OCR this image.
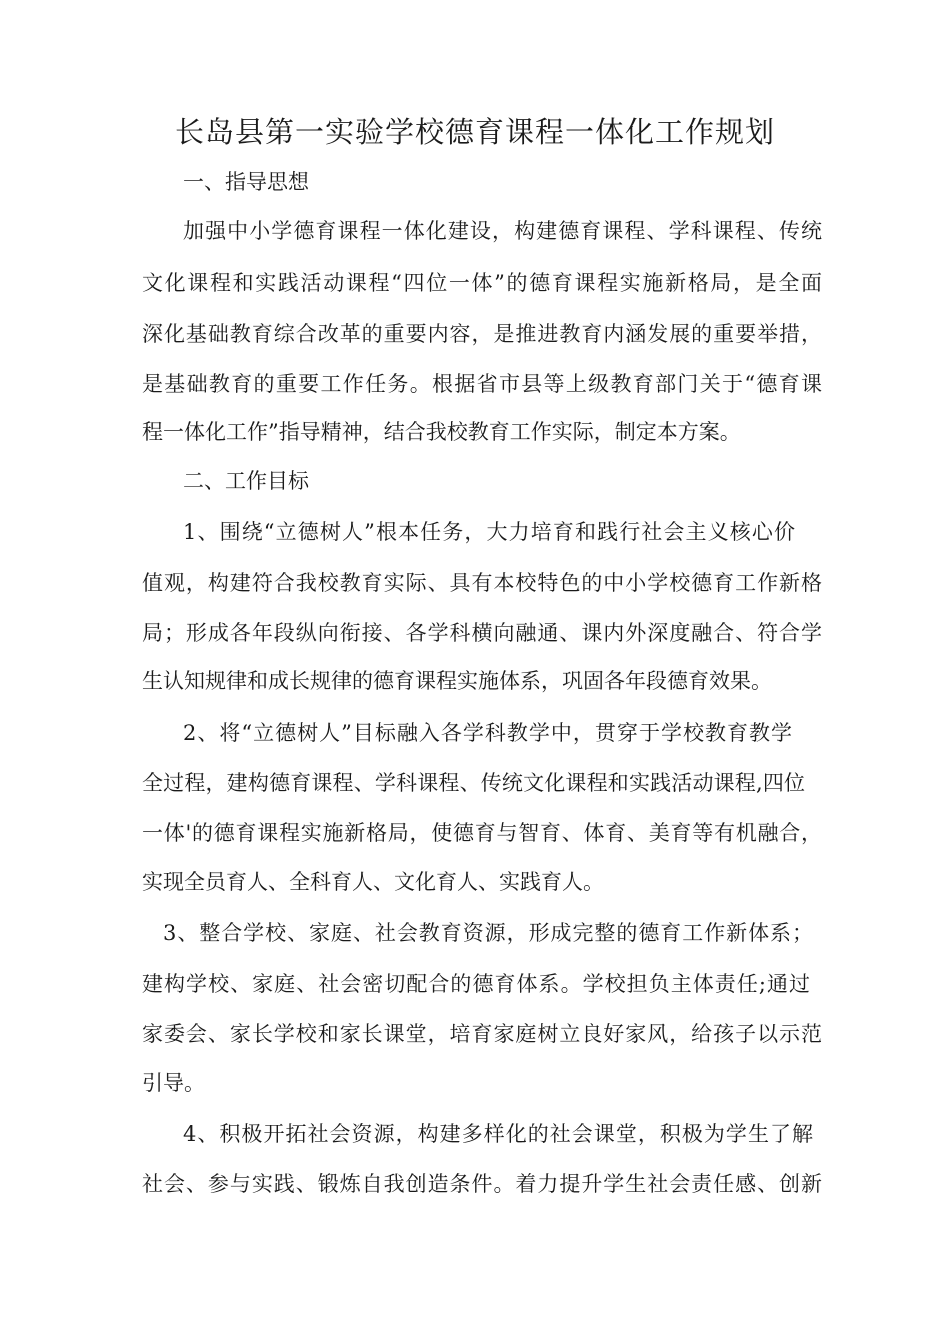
长岛县第一实验学校德育课程一体化工作规划

一、指导思想

加强中小学德育课程一体化建设，构建德育课程、学科课程、传统

文化课程和实践活动课程“四位一体”的德育课程实施新格局，是全面

深化基础教育综合改革的重要内容，是推进教育内涵发展的重要举措，

是基础教育的重要工作任务。根据省市县等上级教育部门关于“德育课

程一体化工作”指导精神，结合我校教育工作实际，制定本方案。

二、工作目标

1、围绕“立德树人”根本任务，大力培育和践行社会主义核心价

值观，构建符合我校教育实际、具有本校特色的中小学校德育工作新格

局；形成各年段纵向衔接、各学科横向融通、课内外深度融合、符合学

生认知规律和成长规律的德育课程实施体系，巩固各年段德育效果。

2、将“立德树人”目标融入各学科教学中，贯穿于学校教育教学

全过程，建构德育课程、学科课程、传统文化课程和实践活动课程,四位

一体'的德育课程实施新格局，使德育与智育、体育、美育等有机融合，

实现全员育人、全科育人、文化育人、实践育人。

3、整合学校、家庭、社会教育资源，形成完整的德育工作新体系；

建构学校、家庭、社会密切配合的德育体系。学校担负主体责任;通过

家委会、家长学校和家长课堂，培育家庭树立良好家风，给孩子以示范

引导。

4、积极开拓社会资源，构建多样化的社会课堂，积极为学生了解

社会、参与实践、锻炼自我创造条件。着力提升学生社会责任感、创新
